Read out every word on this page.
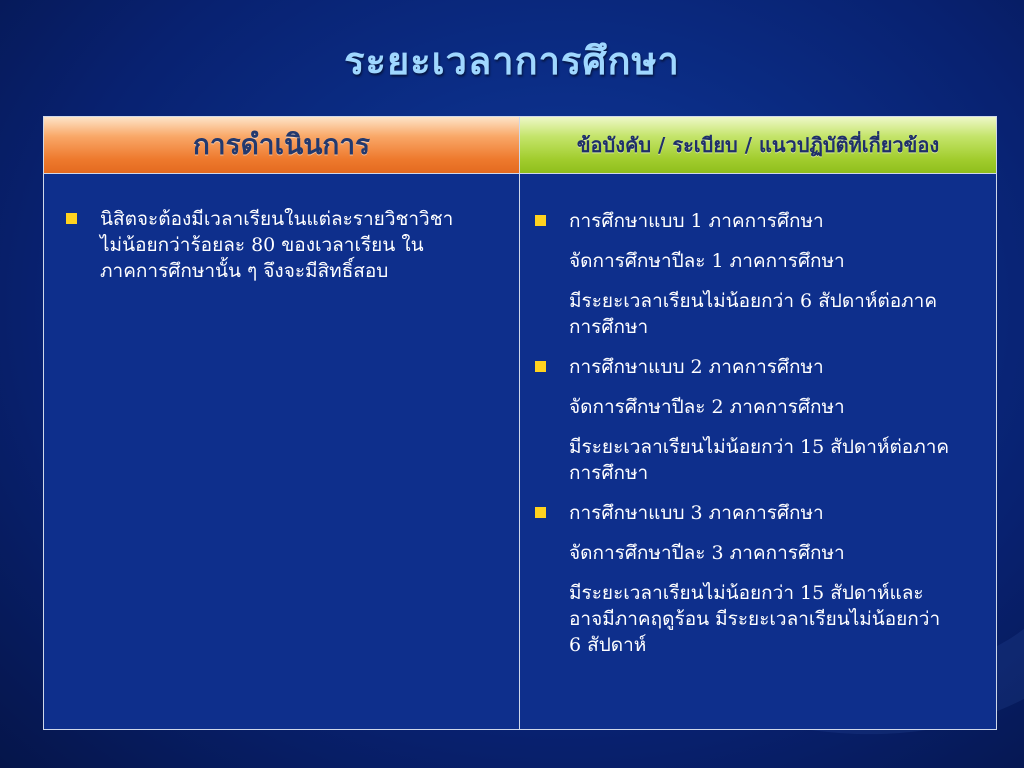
ระยะเวลาการศึกษา
การดำเนินการ
นิสิตจะต้องมีเวลาเรียนในแต่ละรายวิชาวิชา
ไม่น้อยกว่าร้อยละ 80 ของเวลาเรียน ใน
ภาคการศึกษานั้น ๆ จึงจะมีสิทธิ์สอบ
ข้อบังคับ / ระเบียบ / แนวปฏิบัติที่เกี่ยวข้อง
การศึกษาแบบ 1 ภาคการศึกษา
จัดการศึกษาปีละ 1 ภาคการศึกษา
มีระยะเวลาเรียนไม่น้อยกว่า 6 สัปดาห์ต่อภาค
การศึกษา
การศึกษาแบบ 2 ภาคการศึกษา
จัดการศึกษาปีละ 2 ภาคการศึกษา
มีระยะเวลาเรียนไม่น้อยกว่า 15 สัปดาห์ต่อภาค
การศึกษา
การศึกษาแบบ 3 ภาคการศึกษา
จัดการศึกษาปีละ 3 ภาคการศึกษา
มีระยะเวลาเรียนไม่น้อยกว่า 15 สัปดาห์และ
อาจมีภาคฤดูร้อน มีระยะเวลาเรียนไม่น้อยกว่า
6 สัปดาห์
